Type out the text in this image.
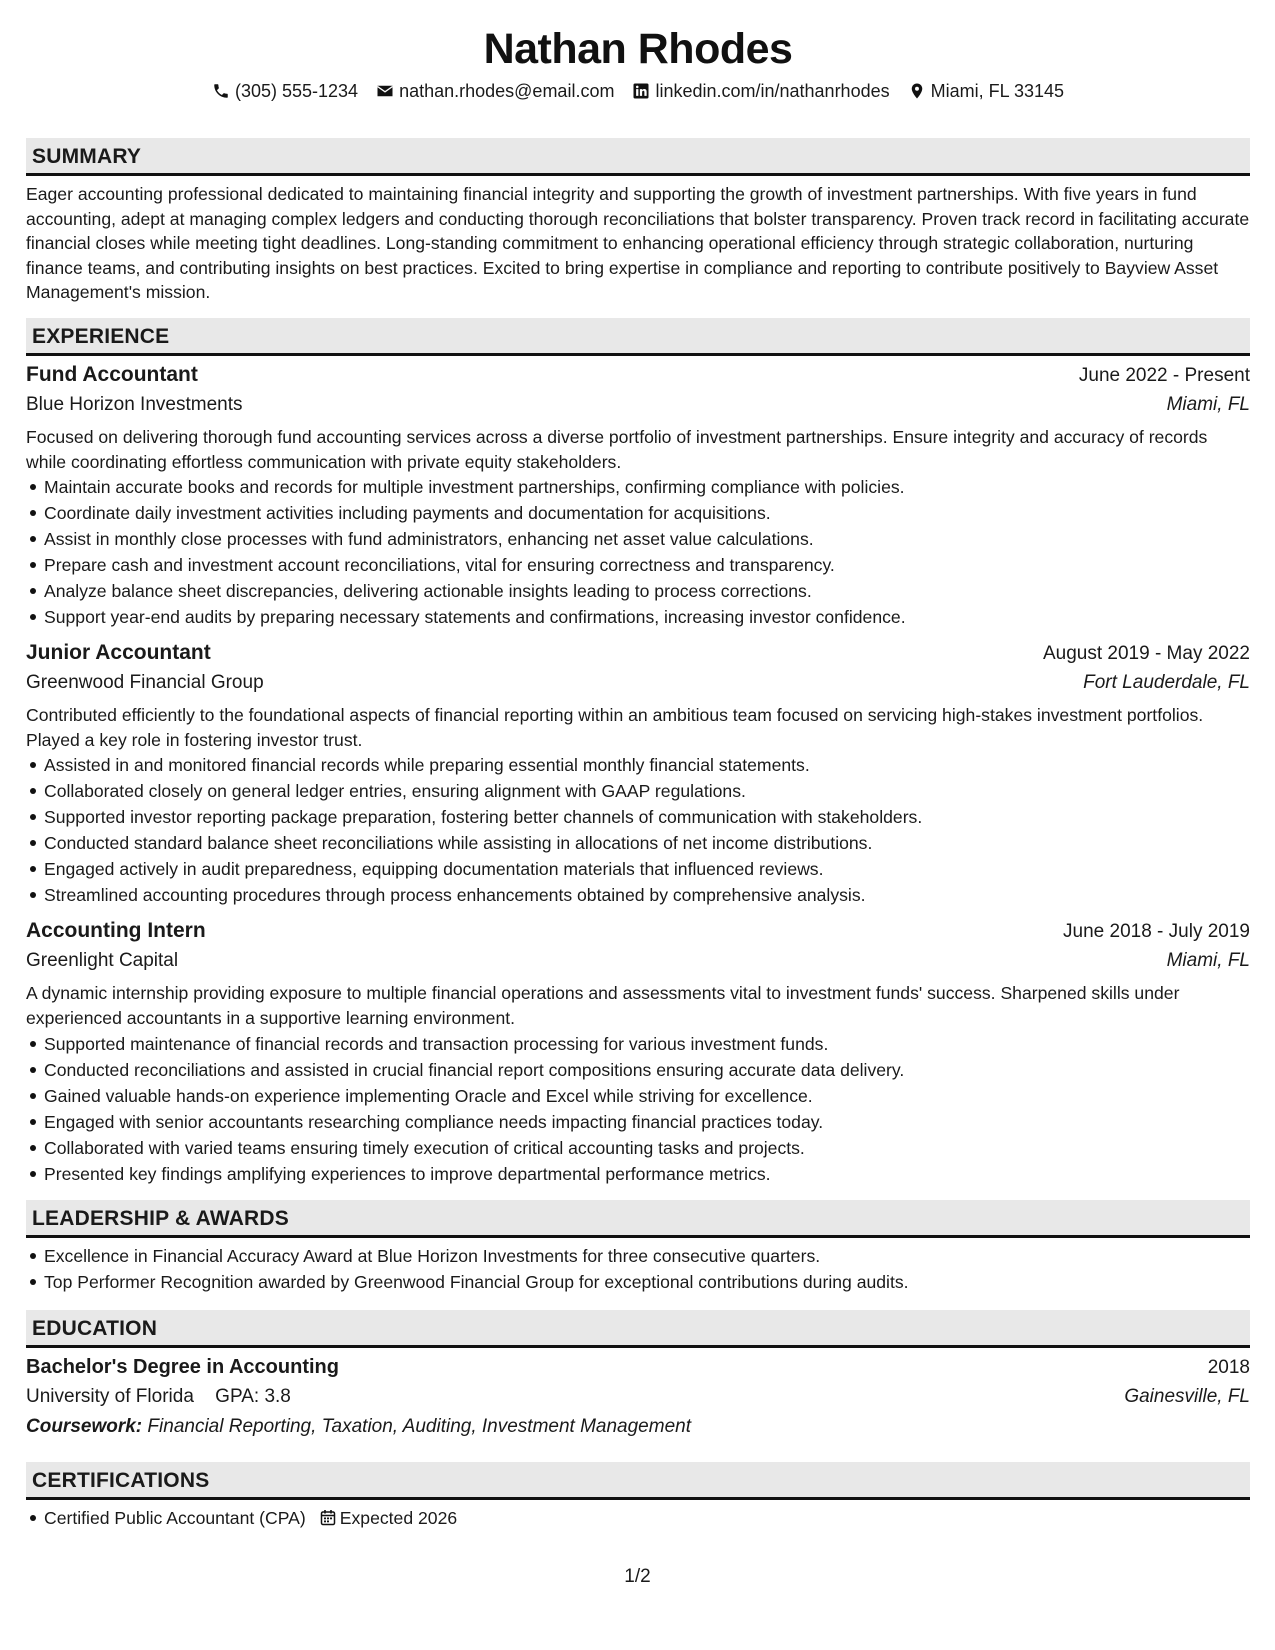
Nathan Rhodes
(305) 555-1234 nathan.rhodes@email.com linkedin.com/in/nathanrhodes Miami, FL 33145
SUMMARY

Eager accounting professional dedicated to maintaining financial integrity and supporting the growth of investment partnerships. With five years in fund accounting, adept at managing complex ledgers and conducting thorough reconciliations that bolster transparency. Proven track record in facilitating accurate financial closes while meeting tight deadlines. Long-standing commitment to enhancing operational efficiency through strategic collaboration, nurturing finance teams, and contributing insights on best practices. Excited to bring expertise in compliance and reporting to contribute positively to Bayview Asset Management's mission.

EXPERIENCE
Fund Accountant	June 2022 - Present
Blue Horizon Investments	Miami, FL

Focused on delivering thorough fund accounting services across a diverse portfolio of investment partnerships. Ensure integrity and accuracy of records while coordinating effortless communication with private equity stakeholders.

Maintain accurate books and records for multiple investment partnerships, confirming compliance with policies.
Coordinate daily investment activities including payments and documentation for acquisitions.
Assist in monthly close processes with fund administrators, enhancing net asset value calculations.
Prepare cash and investment account reconciliations, vital for ensuring correctness and transparency.
Analyze balance sheet discrepancies, delivering actionable insights leading to process corrections.
Support year-end audits by preparing necessary statements and confirmations, increasing investor confidence.
Junior Accountant	August 2019 - May 2022
Greenwood Financial Group	Fort Lauderdale, FL

Contributed efficiently to the foundational aspects of financial reporting within an ambitious team focused on servicing high-stakes investment portfolios. Played a key role in fostering investor trust.

Assisted in and monitored financial records while preparing essential monthly financial statements.
Collaborated closely on general ledger entries, ensuring alignment with GAAP regulations.
Supported investor reporting package preparation, fostering better channels of communication with stakeholders.
Conducted standard balance sheet reconciliations while assisting in allocations of net income distributions.
Engaged actively in audit preparedness, equipping documentation materials that influenced reviews.
Streamlined accounting procedures through process enhancements obtained by comprehensive analysis.
Accounting Intern	June 2018 - July 2019
Greenlight Capital	Miami, FL

A dynamic internship providing exposure to multiple financial operations and assessments vital to investment funds' success. Sharpened skills under experienced accountants in a supportive learning environment.

Supported maintenance of financial records and transaction processing for various investment funds.
Conducted reconciliations and assisted in crucial financial report compositions ensuring accurate data delivery.
Gained valuable hands-on experience implementing Oracle and Excel while striving for excellence.
Engaged with senior accountants researching compliance needs impacting financial practices today.
Collaborated with varied teams ensuring timely execution of critical accounting tasks and projects.
Presented key findings amplifying experiences to improve departmental performance metrics.
LEADERSHIP & AWARDS
Excellence in Financial Accuracy Award at Blue Horizon Investments for three consecutive quarters.
Top Performer Recognition awarded by Greenwood Financial Group for exceptional contributions during audits.
EDUCATION
Bachelor's Degree in Accounting	2018
University of Florida GPA: 3.8	Gainesville, FL
Coursework: Financial Reporting, Taxation, Auditing, Investment Management
CERTIFICATIONS
Certified Public Accountant (CPA) Expected 2026
1/2
